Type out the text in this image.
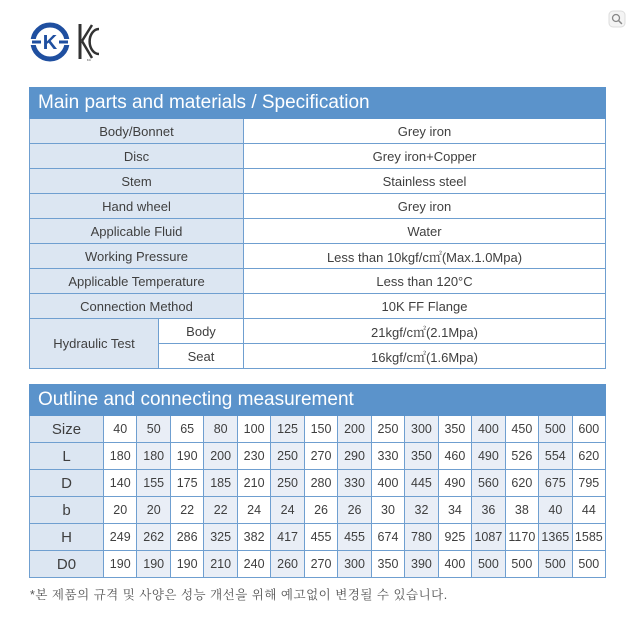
K
KC
Main parts and materials / Specification		
Body/Bonnet		Grey iron
Disc		Grey iron+Copper
Stem		Stainless steel
Hand wheel		Grey iron
Applicable Fluid		Water
Working Pressure		Less than 10kgf/c㎡(Max.1.0Mpa)
Applicable Temperature		Less than 120°C
Connection Method		10K FF Flange
Hydraulic Test	Body	21kgf/c㎡(2.1Mpa)
	Seat	16kgf/c㎡(1.6Mpa)
Outline and connecting measurement															
Size	40	50	65	80	100	125	150	200	250	300	350	400	450	500	600
L	180	180	190	200	230	250	270	290	330	350	460	490	526	554	620
D	140	155	175	185	210	250	280	330	400	445	490	560	620	675	795
b	20	20	22	22	24	24	26	26	30	32	34	36	38	40	44
H	249	262	286	325	382	417	455	455	674	780	925	1087	1170	1365	1585
D0	190	190	190	210	240	260	270	300	350	390	400	500	500	500	500
*본 제품의 규격 및 사양은 성능 개선을 위해 예고없이 변경될 수 있습니다.
